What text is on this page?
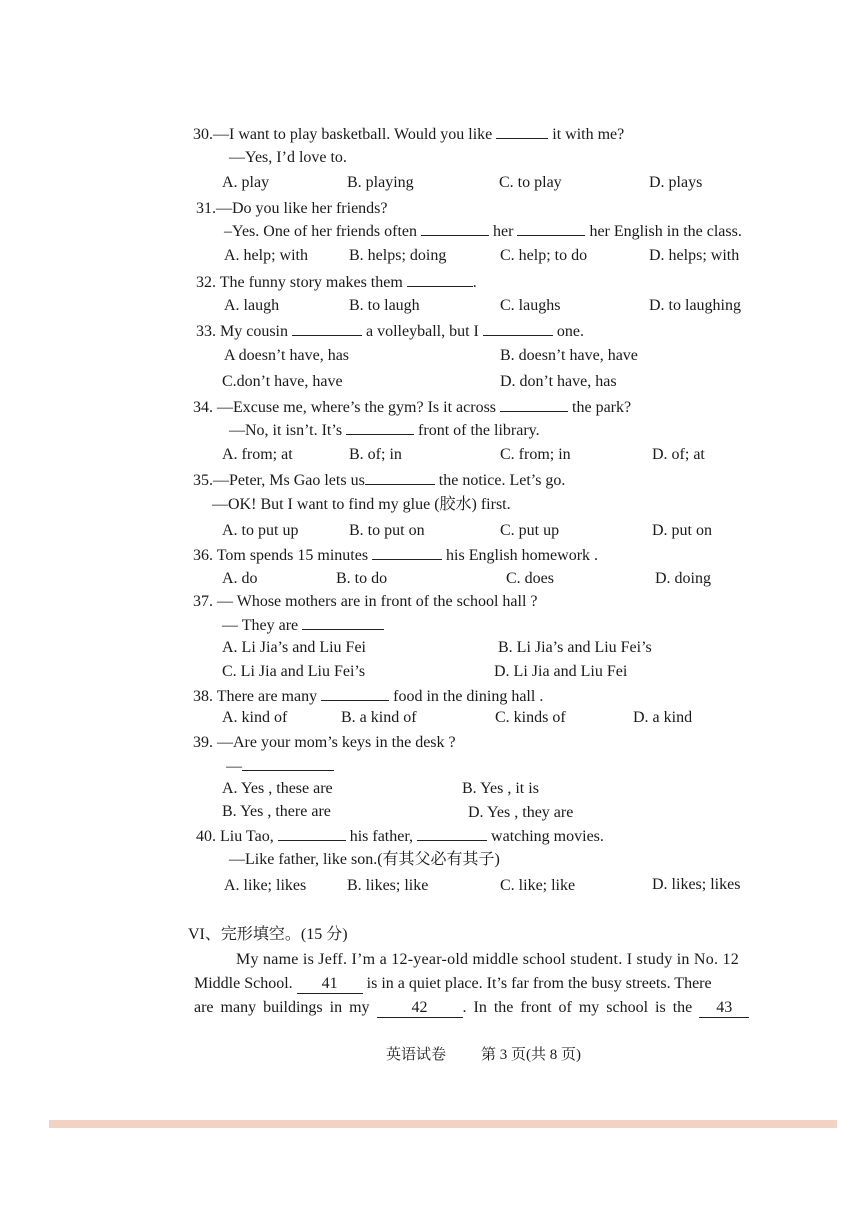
30.—I want to play basketball. Would you like	it with me?
—Yes, I’d love to.
A. play	B. playing	C. to play	D. plays
31.—Do you like her friends?
–Yes. One of her friends often	her	her English in the class.
A. help; with	B. helps; doing	C. help; to do	D. helps; with
32. The funny story makes them	.
A. laugh	B. to laugh	C. laughs	D. to laughing
33. My cousin	a volleyball, but I	one.
A doesn’t have, has	B. doesn’t have, have
C.don’t have, have	D. don’t have, has
34. —Excuse me, where’s the gym? Is it across	the park?
—No, it isn’t. It’s	front of the library.
A. from; at	B. of; in	C. from; in	D. of; at
35.—Peter, Ms Gao lets us	the notice. Let’s go.
—OK! But I want to find my glue (胶水) first.
A. to put up	B. to put on	C. put up	D. put on
36. Tom spends 15 minutes	his English homework .
A. do	B. to do	C. does	D. doing
37. — Whose mothers are in front of the school hall ?
— They are
A. Li Jia’s and Liu Fei	B. Li Jia’s and Liu Fei’s
C. Li Jia and Liu Fei’s	D. Li Jia and Liu Fei
38. There are many	food in the dining hall .
A. kind of	B. a kind of	C. kinds of	D. a kind
39. —Are your mom’s keys in the desk ?
—
A. Yes , these are	B. Yes , it is
B. Yes , there are	D. Yes , they are
40. Liu Tao,	his father,	watching movies.
—Like father, like son.(有其父必有其子)
A. like; likes	B. likes; like	C. like; like	D. likes; likes
VI、完形填空。(15 分)
My name is Jeff. I’m a 12-year-old middle school student. I study in No. 12
Middle School. 41 is in a quiet place. It’s far from the busy streets. There
are many buildings in my	42 . In the front of my school is the 43
英语试卷 第 3 页(共 8 页)
